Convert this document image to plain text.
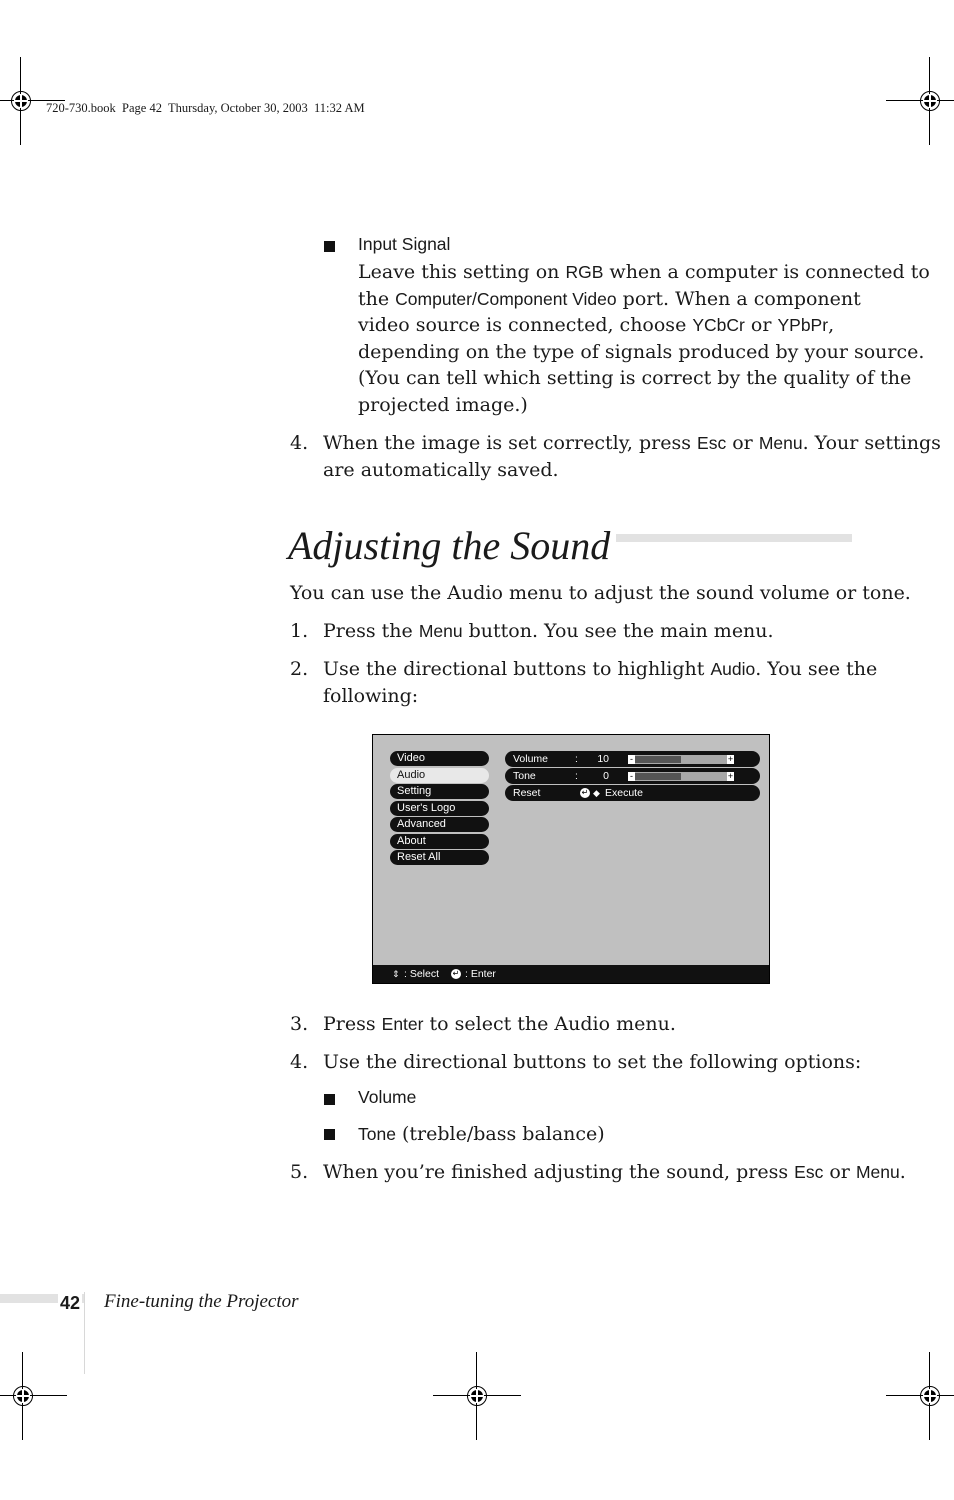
720-730.book  Page 42  Thursday, October 30, 2003  11:32 AM
Input Signal
Leave this setting on RGB when a computer is connected to
the Computer/Component Video port. When a component
video source is connected, choose YCbCr or YPbPr,
depending on the type of signals produced by your source.
(You can tell which setting is correct by the quality of the
projected image.)
4. When the image is set correctly, press Esc or Menu. Your settings
are automatically saved.
Adjusting the Sound
You can use the Audio menu to adjust the sound volume or tone.
1. Press the Menu button. You see the main menu.
2. Use the directional buttons to highlight Audio. You see the
following:
Video
Audio
Setting
User's Logo
Advanced
About
Reset All
Volume	:	10 -	+
Tone	:	0 -	+
Reset	↵ ◆ Execute
⇕ : Select ↵ : Enter
3. Press Enter to select the Audio menu.
4. Use the directional buttons to set the following options:
Volume
Tone (treble/bass balance)
5. When you’re finished adjusting the sound, press Esc or Menu.
42 Fine-tuning the Projector
